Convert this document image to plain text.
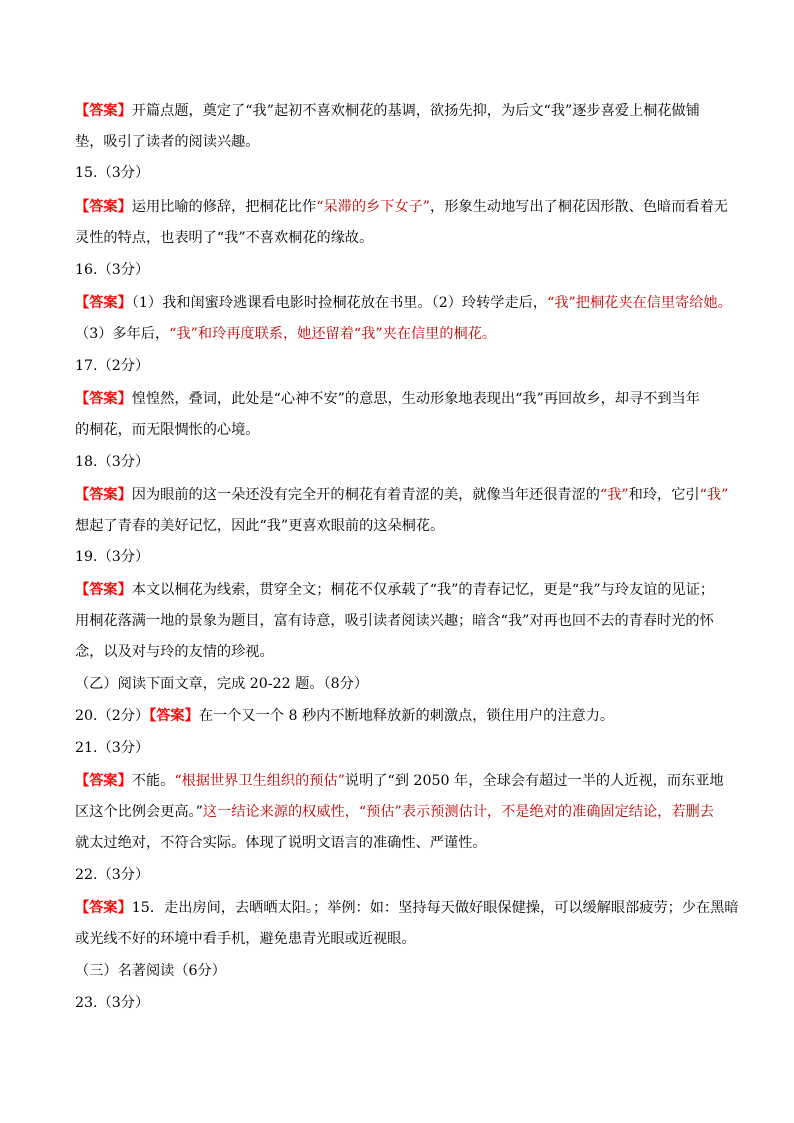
【答案】开篇点题，奠定了“我”起初不喜欢桐花的基调，欲扬先抑，为后文“我”逐步喜爱上桐花做铺
垫，吸引了读者的阅读兴趣。
15.（3分）
【答案】运用比喻的修辞，把桐花比作“呆滞的乡下女子”，形象生动地写出了桐花因形散、色暗而看着无
灵性的特点，也表明了“我”不喜欢桐花的缘故。
16.（3分）
【答案】（1）我和闺蜜玲逃课看电影时捡桐花放在书里。（2）玲转学走后，“我”把桐花夹在信里寄给她。
（3）多年后，“我”和玲再度联系，她还留着“我”夹在信里的桐花。
17.（2分）
【答案】惶惶然，叠词，此处是“心神不安”的意思，生动形象地表现出“我”再回故乡，却寻不到当年
的桐花，而无限惆怅的心境。
18.（3分）
【答案】因为眼前的这一朵还没有完全开的桐花有着青涩的美，就像当年还很青涩的“我”和玲，它引“我”
想起了青春的美好记忆，因此“我”更喜欢眼前的这朵桐花。
19.（3分）
【答案】本文以桐花为线索，贯穿全文；桐花不仅承载了“我”的青春记忆，更是“我”与玲友谊的见证；
用桐花落满一地的景象为题目，富有诗意，吸引读者阅读兴趣；暗含“我”对再也回不去的青春时光的怀
念，以及对与玲的友情的珍视。
（乙）阅读下面文章，完成 20-22 题。（8分）
20.（2分）【答案】在一个又一个 8 秒内不断地释放新的刺激点，锁住用户的注意力。
21.（3分）
【答案】不能。“根据世界卫生组织的预估”说明了“到 2050 年，全球会有超过一半的人近视，而东亚地
区这个比例会更高。”这一结论来源的权威性，“预估”表示预测估计，不是绝对的准确固定结论，若删去
就太过绝对，不符合实际。体现了说明文语言的准确性、严谨性。
22.（3分）
【答案】15．走出房间，去晒晒太阳。；举例：如：坚持每天做好眼保健操，可以缓解眼部疲劳；少在黑暗
或光线不好的环境中看手机，避免患青光眼或近视眼。
（三）名著阅读（6分）
23.（3分）
